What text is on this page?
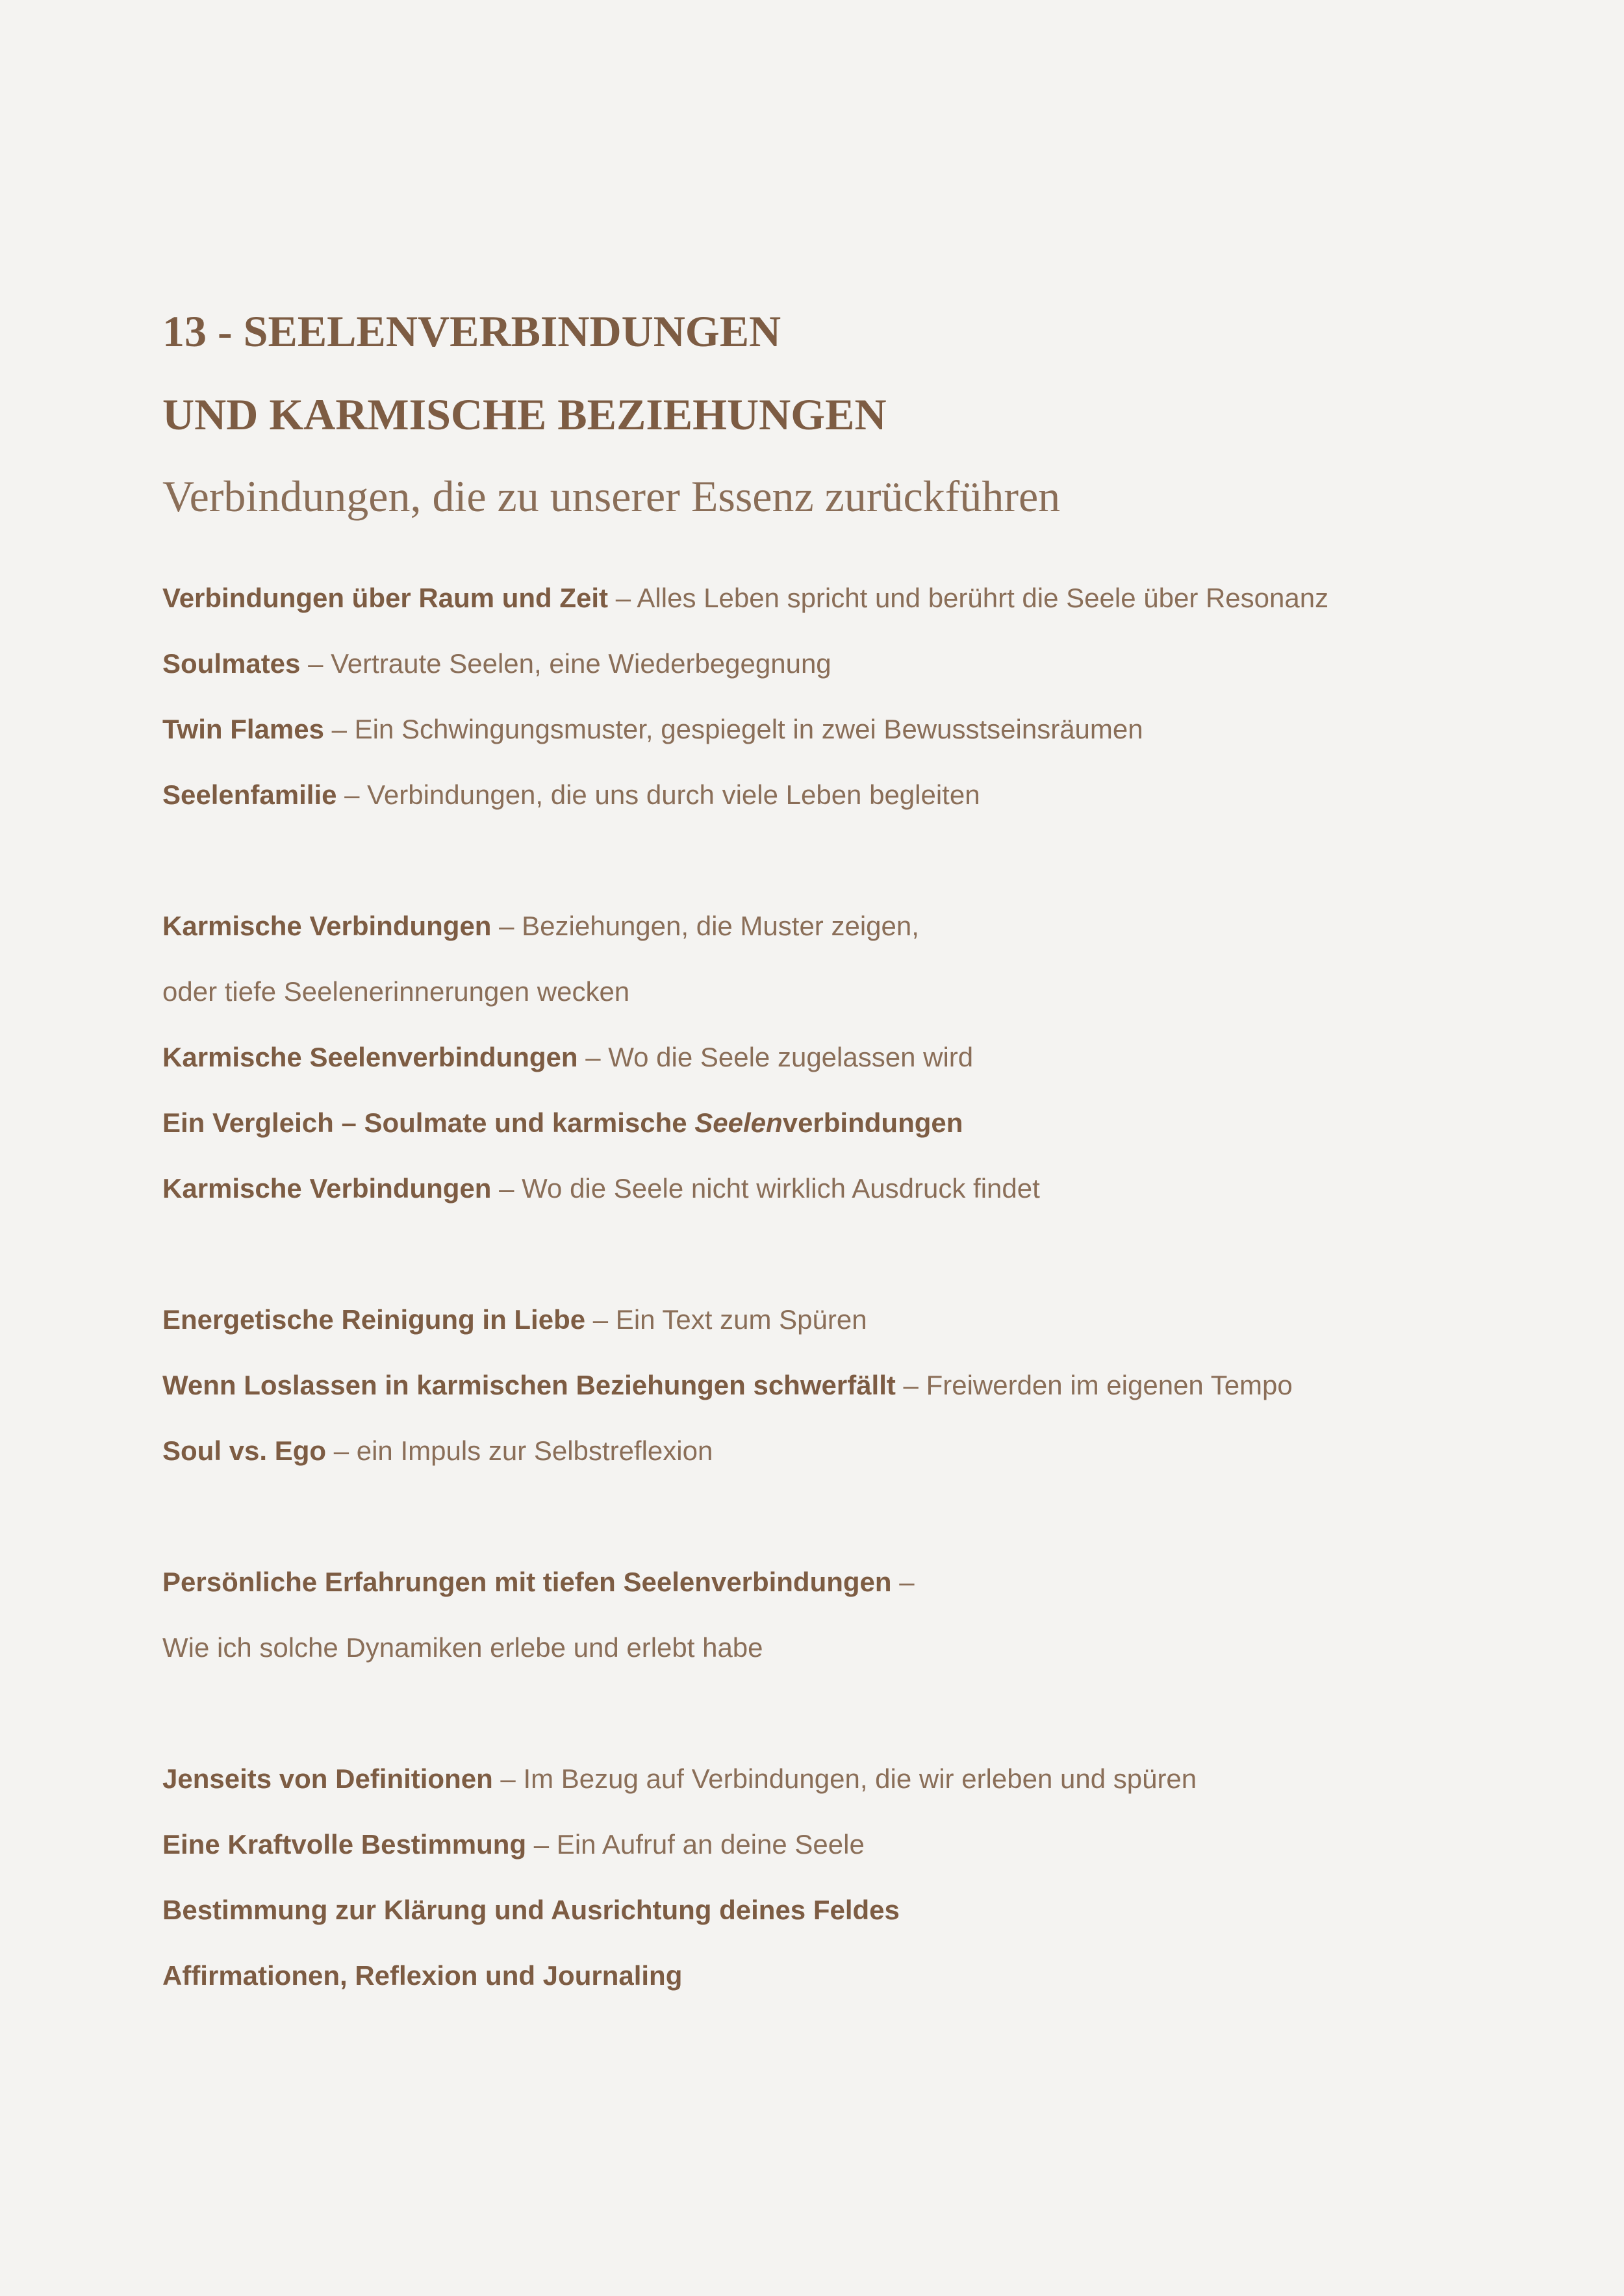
13 - SEELENVERBINDUNGEN
UND KARMISCHE BEZIEHUNGEN
Verbindungen, die zu unserer Essenz zurückführen
Verbindungen über Raum und Zeit – Alles Leben spricht und berührt die Seele über Resonanz
Soulmates – Vertraute Seelen, eine Wiederbegegnung
Twin Flames – Ein Schwingungsmuster, gespiegelt in zwei Bewusstseinsräumen
Seelenfamilie – Verbindungen, die uns durch viele Leben begleiten
Karmische Verbindungen – Beziehungen, die Muster zeigen,
oder tiefe Seelenerinnerungen wecken
Karmische Seelenverbindungen – Wo die Seele zugelassen wird
Ein Vergleich – Soulmate und karmische Seelenverbindungen
Karmische Verbindungen – Wo die Seele nicht wirklich Ausdruck findet
Energetische Reinigung in Liebe – Ein Text zum Spüren
Wenn Loslassen in karmischen Beziehungen schwerfällt – Freiwerden im eigenen Tempo
Soul vs. Ego – ein Impuls zur Selbstreflexion
Persönliche Erfahrungen mit tiefen Seelenverbindungen –
Wie ich solche Dynamiken erlebe und erlebt habe
Jenseits von Definitionen – Im Bezug auf Verbindungen, die wir erleben und spüren
Eine Kraftvolle Bestimmung – Ein Aufruf an deine Seele
Bestimmung zur Klärung und Ausrichtung deines Feldes
Affirmationen, Reflexion und Journaling
